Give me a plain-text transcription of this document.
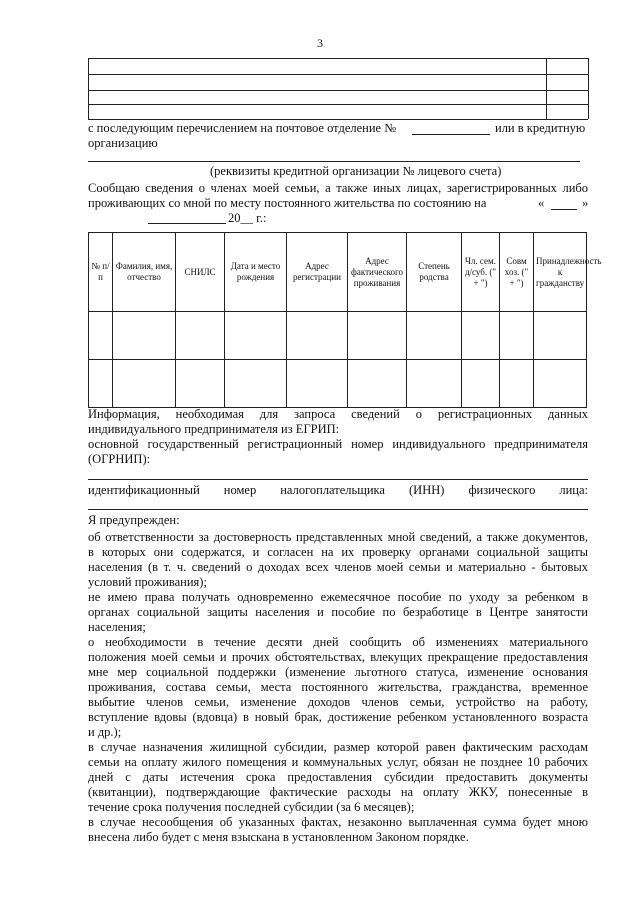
3
с последующим перечислением на почтовое отделение №	или в кредитную
организацию
(реквизиты кредитной организации № лицевого счета)
Сообщаю сведения о членах моей семьи, а также иных лицах, зарегистрированных либо
проживающих со мной по месту постоянного жительства по состоянию на	«	»
20__ г.:
№ п/ п	Фамилия, имя, отчество	СНИЛС	Дата и место рождения	Адрес регистрации	Адрес фактического проживания	Степень родства	Чл. сем. д/суб. (" + ")	Совм хоз. (" + ")	Принадлежность к гражданству

Информация, необходимая для запроса сведений о регистрационных данных
индивидуального предпринимателя из ЕГРИП:
основной государственный регистрационный номер индивидуального предпринимателя
(ОГРНИП):
идентификационный номер налогоплательщика (ИНН) физического лица:
Я предупрежден:
об ответственности за достоверность представленных мной сведений, а также документов,
в которых они содержатся, и согласен на их проверку органами социальной защиты
населения (в т. ч. сведений о доходах всех членов моей семьи и материально - бытовых
условий проживания);
не имею права получать одновременно ежемесячное пособие по уходу за ребенком в
органах социальной защиты населения и пособие по безработице в Центре занятости
населения;
о необходимости в течение десяти дней сообщить об изменениях материального
положения моей семьи и прочих обстоятельствах, влекущих прекращение предоставления
мне мер социальной поддержки (изменение льготного статуса, изменение основания
проживания, состава семьи, места постоянного жительства, гражданства, временное
выбытие членов семьи, изменение доходов членов семьи, устройство на работу,
вступление вдовы (вдовца) в новый брак, достижение ребенком установленного возраста
и др.);
в случае назначения жилищной субсидии, размер которой равен фактическим расходам
семьи на оплату жилого помещения и коммунальных услуг, обязан не позднее 10 рабочих
дней с даты истечения срока предоставления субсидии предоставить документы
(квитанции), подтверждающие фактические расходы на оплату ЖКУ, понесенные в
течение срока получения последней субсидии (за 6 месяцев);
в случае несообщения об указанных фактах, незаконно выплаченная сумма будет мною
внесена либо будет с меня взыскана в установленном Законом порядке.
